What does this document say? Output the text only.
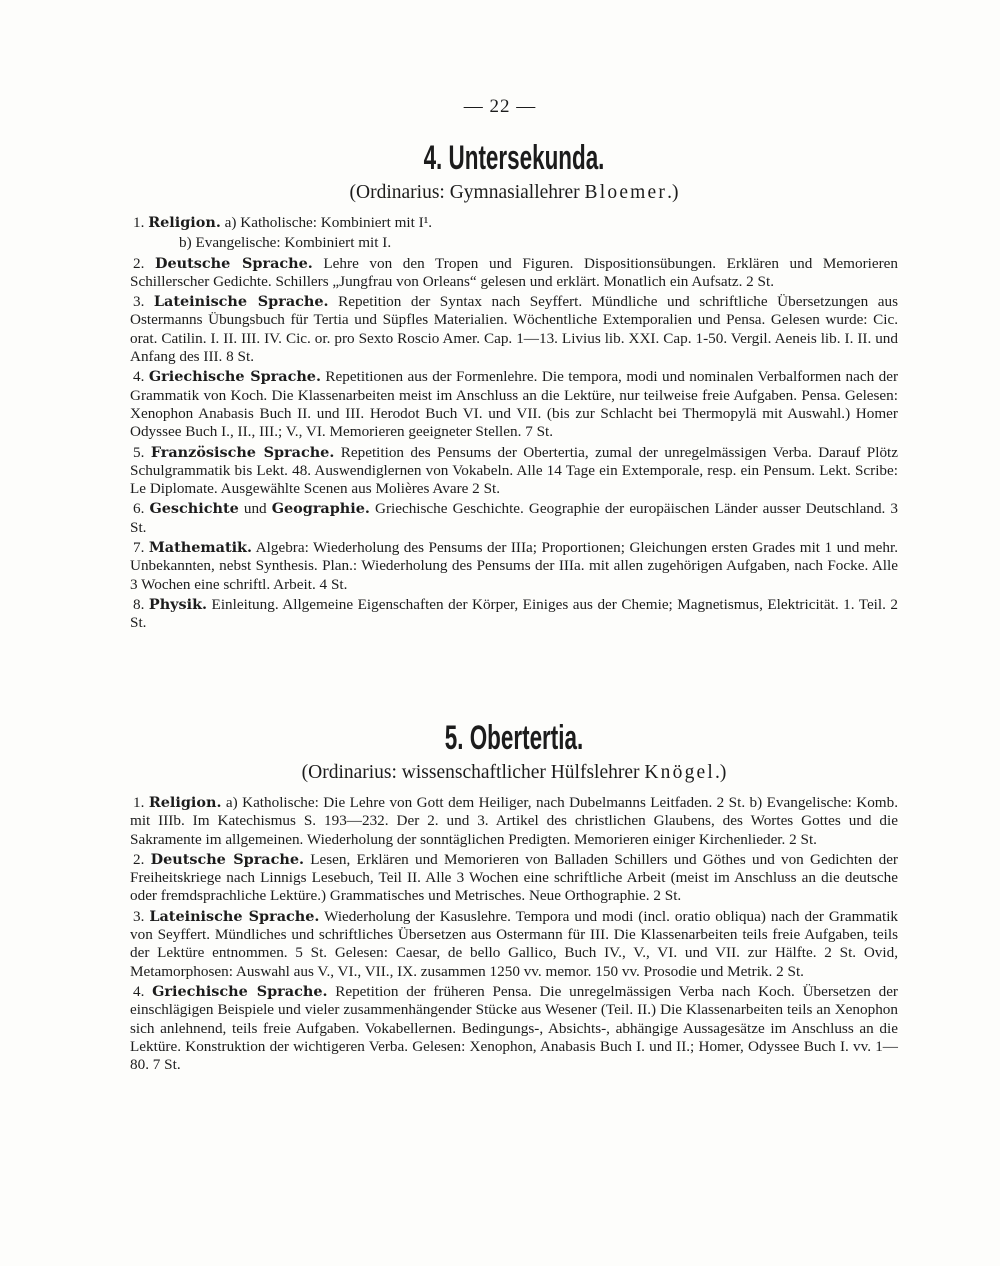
— 22 —
4. Untersekunda.
(Ordinarius: Gymnasiallehrer Bloemer.)

1. Religion. a) Katholische: Kombiniert mit I¹.

b) Evangelische: Kombiniert mit I.

2. Deutsche Sprache. Lehre von den Tropen und Figuren. Dispositionsübungen. Erklären und Memorieren Schillerscher Gedichte. Schillers „Jungfrau von Orleans“ gelesen und erklärt. Monatlich ein Aufsatz. 2 St.

3. Lateinische Sprache. Repetition der Syntax nach Seyffert. Mündliche und schriftliche Übersetzungen aus Ostermanns Übungsbuch für Tertia und Süpfles Materialien. Wöchentliche Extemporalien und Pensa. Gelesen wurde: Cic. orat. Catilin. I. II. III. IV. Cic. or. pro Sexto Roscio Amer. Cap. 1—13. Livius lib. XXI. Cap. 1-50. Vergil. Aeneis lib. I. II. und Anfang des III. 8 St.

4. Griechische Sprache. Repetitionen aus der Formenlehre. Die tempora, modi und nominalen Verbalformen nach der Grammatik von Koch. Die Klassenarbeiten meist im Anschluss an die Lektüre, nur teilweise freie Aufgaben. Pensa. Gelesen: Xenophon Anabasis Buch II. und III. Herodot Buch VI. und VII. (bis zur Schlacht bei Thermopylä mit Auswahl.) Homer Odyssee Buch I., II., III.; V., VI. Memorieren geeigneter Stellen. 7 St.

5. Französische Sprache. Repetition des Pensums der Obertertia, zumal der unregelmässigen Verba. Darauf Plötz Schulgrammatik bis Lekt. 48. Auswendiglernen von Vokabeln. Alle 14 Tage ein Extemporale, resp. ein Pensum. Lekt. Scribe: Le Diplomate. Ausgewählte Scenen aus Molières Avare 2 St.

6. Geschichte und Geographie. Griechische Geschichte. Geographie der europäischen Länder ausser Deutschland. 3 St.

7. Mathematik. Algebra: Wiederholung des Pensums der IIIa; Proportionen; Gleichungen ersten Grades mit 1 und mehr. Unbekannten, nebst Synthesis. Plan.: Wiederholung des Pensums der IIIa. mit allen zugehörigen Aufgaben, nach Focke. Alle 3 Wochen eine schriftl. Arbeit. 4 St.

8. Physik. Einleitung. Allgemeine Eigenschaften der Körper, Einiges aus der Chemie; Magnetismus, Elektricität. 1. Teil. 2 St.

5. Obertertia.
(Ordinarius: wissenschaftlicher Hülfslehrer Knögel.)

1. Religion. a) Katholische: Die Lehre von Gott dem Heiliger, nach Dubelmanns Leitfaden. 2 St. b) Evangelische: Komb. mit IIIb. Im Katechismus S. 193—232. Der 2. und 3. Artikel des christlichen Glaubens, des Wortes Gottes und die Sakramente im allgemeinen. Wiederholung der sonntäglichen Predigten. Memorieren einiger Kirchenlieder. 2 St.

2. Deutsche Sprache. Lesen, Erklären und Memorieren von Balladen Schillers und Göthes und von Gedichten der Freiheitskriege nach Linnigs Lesebuch, Teil II. Alle 3 Wochen eine schriftliche Arbeit (meist im Anschluss an die deutsche oder fremdsprachliche Lektüre.) Grammatisches und Metrisches. Neue Orthographie. 2 St.

3. Lateinische Sprache. Wiederholung der Kasuslehre. Tempora und modi (incl. oratio obliqua) nach der Grammatik von Seyffert. Mündliches und schriftliches Übersetzen aus Ostermann für III. Die Klassenarbeiten teils freie Aufgaben, teils der Lektüre entnommen. 5 St. Gelesen: Caesar, de bello Gallico, Buch IV., V., VI. und VII. zur Hälfte. 2 St. Ovid, Metamorphosen: Auswahl aus V., VI., VII., IX. zusammen 1250 vv. memor. 150 vv. Prosodie und Metrik. 2 St.

4. Griechische Sprache. Repetition der früheren Pensa. Die unregelmässigen Verba nach Koch. Übersetzen der einschlägigen Beispiele und vieler zusammenhängender Stücke aus Wesener (Teil. II.) Die Klassenarbeiten teils an Xenophon sich anlehnend, teils freie Aufgaben. Vokabellernen. Bedingungs-, Absichts-, abhängige Aussagesätze im Anschluss an die Lektüre. Konstruktion der wichtigeren Verba. Gelesen: Xenophon, Anabasis Buch I. und II.; Homer, Odyssee Buch I. vv. 1—80. 7 St.
